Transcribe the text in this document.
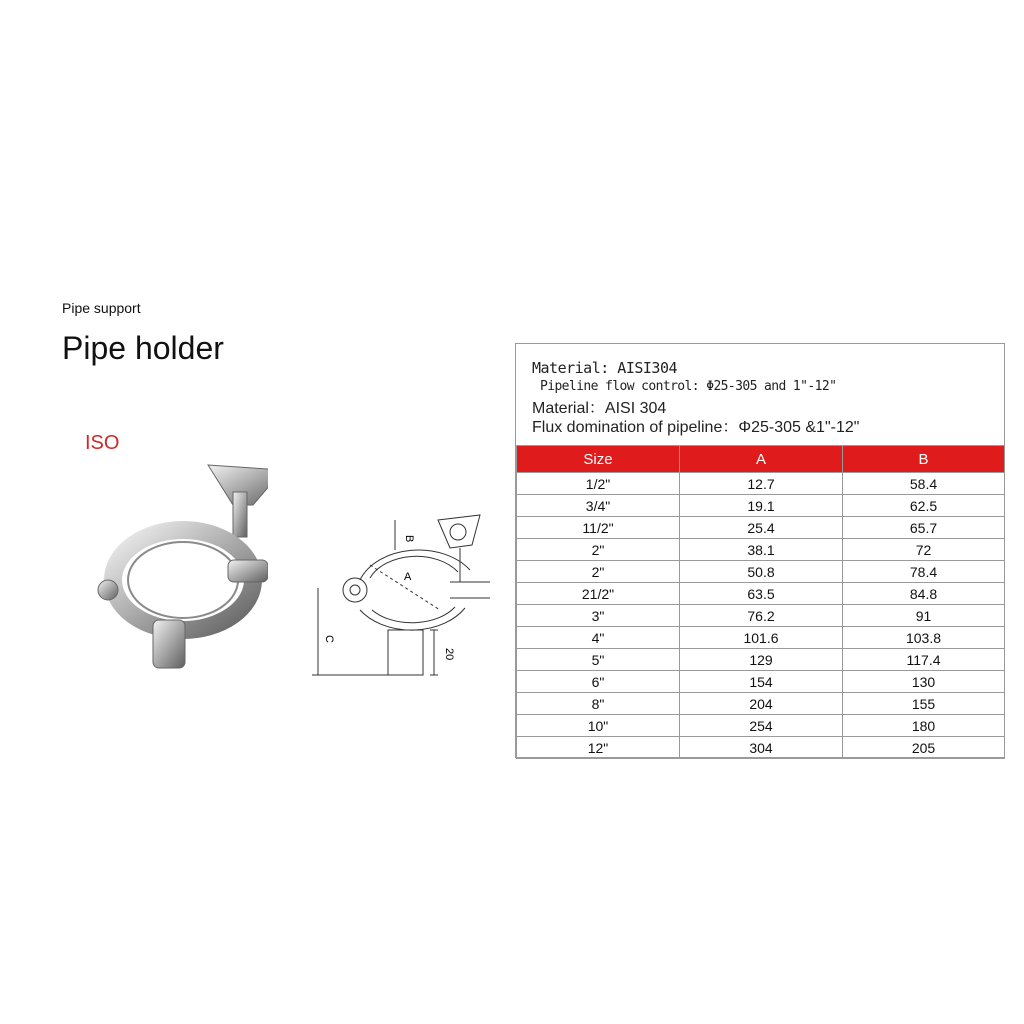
Pipe support
Pipe holder
ISO
B
A
C
20
Material: AISI304
Pipeline flow control: Φ25-305 and 1"-12"
Material：AISI 304
Flux domination of pipeline：Φ25-305 &1"-12"
Size	A	B
1/2"	12.7	58.4
3/4"	19.1	62.5
11/2"	25.4	65.7
2"	38.1	72
2"	50.8	78.4
21/2"	63.5	84.8
3"	76.2	91
4"	101.6	103.8
5"	129	117.4
6"	154	130
8"	204	155
10"	254	180
12"	304	205
